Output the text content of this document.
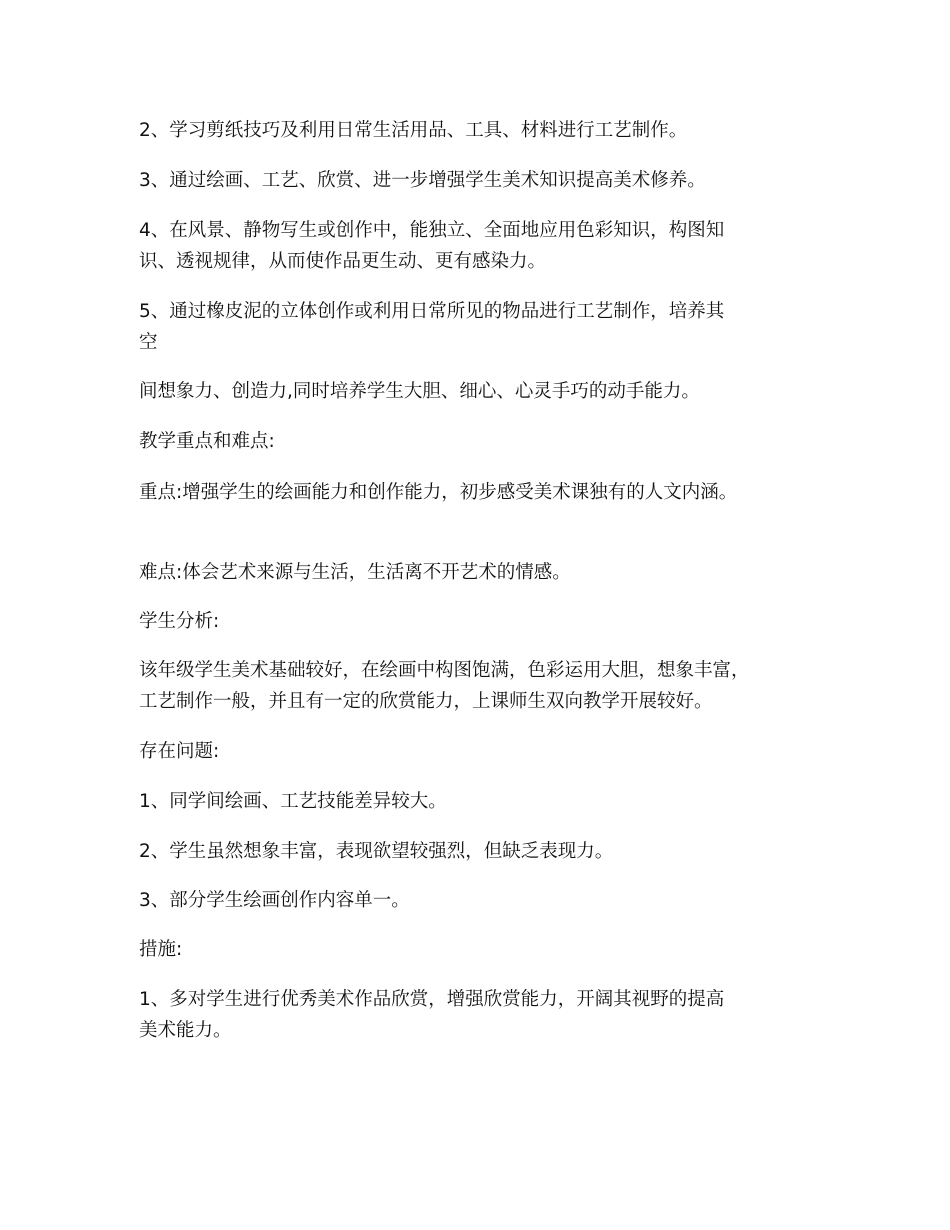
2、学习剪纸技巧及利用日常生活用品、工具、材料进行工艺制作。

3、通过绘画、工艺、欣赏、进一步增强学生美术知识提高美术修养。

4、在风景、静物写生或创作中，能独立、全面地应用色彩知识，构图知
识、透视规律，从而使作品更生动、更有感染力。

5、通过橡皮泥的立体创作或利用日常所见的物品进行工艺制作，培养其
空

间想象力、创造力,同时培养学生大胆、细心、心灵手巧的动手能力。

教学重点和难点:

重点:增强学生的绘画能力和创作能力，初步感受美术课独有的人文内涵。

难点:体会艺术来源与生活，生活离不开艺术的情感。

学生分析:

该年级学生美术基础较好，在绘画中构图饱满，色彩运用大胆，想象丰富，
工艺制作一般，并且有一定的欣赏能力，上课师生双向教学开展较好。

存在问题:

1、同学间绘画、工艺技能差异较大。

2、学生虽然想象丰富，表现欲望较强烈，但缺乏表现力。

3、部分学生绘画创作内容单一。

措施:

1、多对学生进行优秀美术作品欣赏，增强欣赏能力，开阔其视野的提高
美术能力。
